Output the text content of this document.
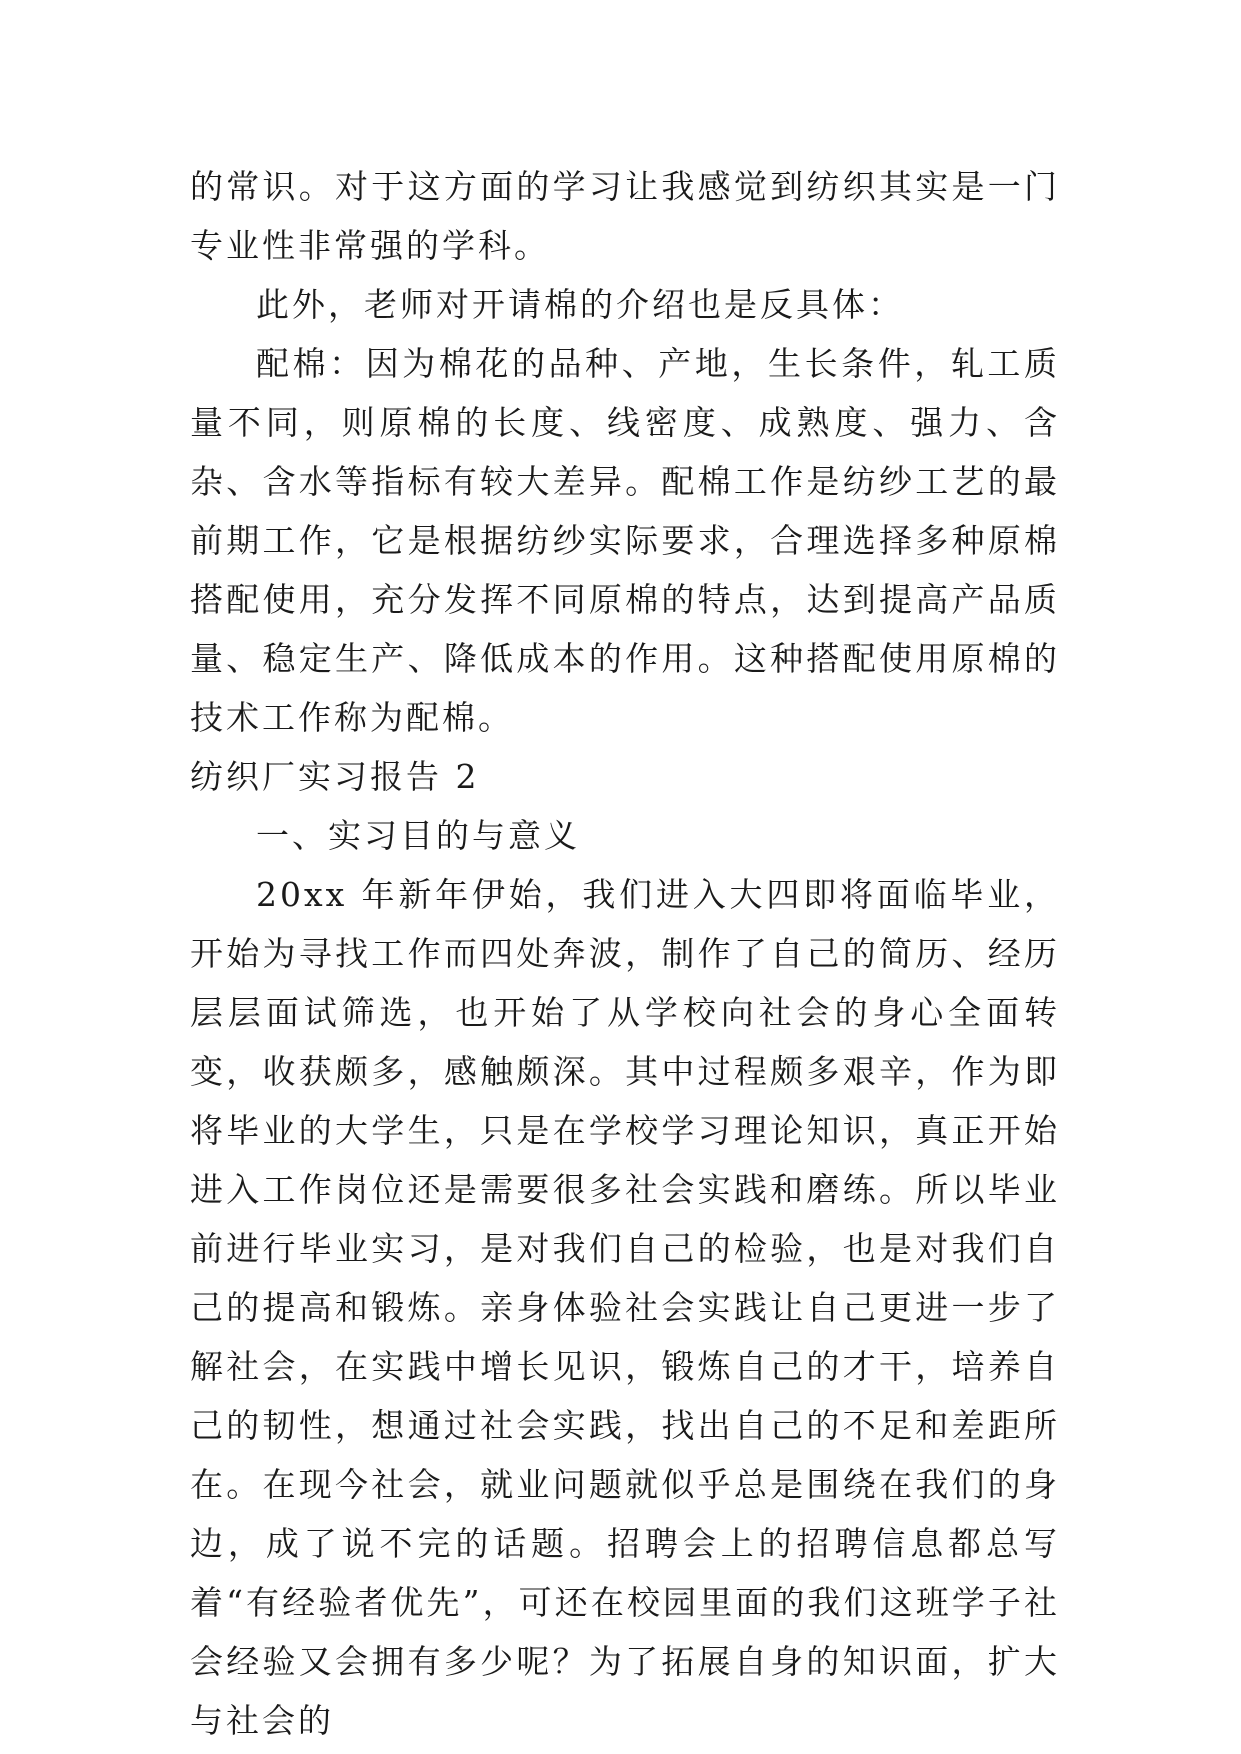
的常识。对于这方面的学习让我感觉到纺织其实是一门专业性非常强的学科。

此外，老师对开请棉的介绍也是反具体：

配棉：因为棉花的品种、产地，生长条件，轧工质量不同，则原棉的长度、线密度、成熟度、强力、含杂、含水等指标有较大差异。配棉工作是纺纱工艺的最前期工作，它是根据纺纱实际要求，合理选择多种原棉搭配使用，充分发挥不同原棉的特点，达到提高产品质量、稳定生产、降低成本的作用。这种搭配使用原棉的技术工作称为配棉。

纺织厂实习报告 2

一、实习目的与意义

20xx 年新年伊始，我们进入大四即将面临毕业，开始为寻找工作而四处奔波，制作了自己的简历、经历层层面试筛选，也开始了从学校向社会的身心全面转变，收获颇多，感触颇深。其中过程颇多艰辛，作为即将毕业的大学生，只是在学校学习理论知识，真正开始进入工作岗位还是需要很多社会实践和磨练。所以毕业前进行毕业实习，是对我们自己的检验，也是对我们自己的提高和锻炼。亲身体验社会实践让自己更进一步了解社会，在实践中增长见识，锻炼自己的才干，培养自己的韧性，想通过社会实践，找出自己的不足和差距所在。在现今社会，就业问题就似乎总是围绕在我们的身边，成了说不完的话题。招聘会上的招聘信息都总写着“有经验者优先”，可还在校园里面的我们这班学子社会经验又会拥有多少呢？为了拓展自身的知识面，扩大与社会的
